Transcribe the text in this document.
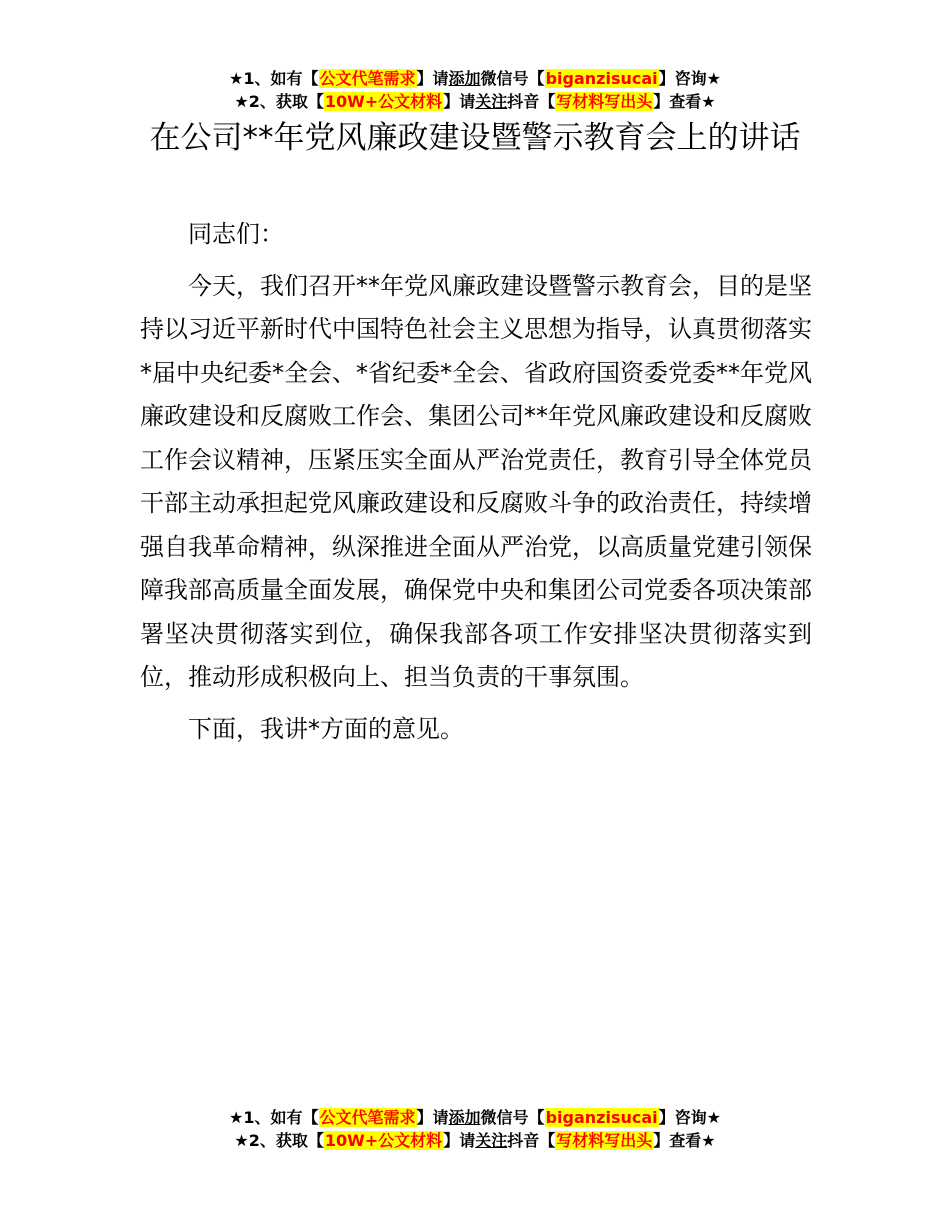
★1、如有【公文代笔需求】请添加微信号【biganzisucai】咨询★
★2、获取【10W+公文材料】请关注抖音【写材料写出头】查看★
在公司**年党风廉政建设暨警示教育会上的讲话

同志们：

今天，我们召开**年党风廉政建设暨警示教育会，目的是坚持以习近平新时代中国特色社会主义思想为指导，认真贯彻落实*届中央纪委*全会、*省纪委*全会、省政府国资委党委**年党风廉政建设和反腐败工作会、集团公司**年党风廉政建设和反腐败工作会议精神，压紧压实全面从严治党责任，教育引导全体党员干部主动承担起党风廉政建设和反腐败斗争的政治责任，持续增强自我革命精神，纵深推进全面从严治党，以高质量党建引领保障我部高质量全面发展，确保党中央和集团公司党委各项决策部署坚决贯彻落实到位，确保我部各项工作安排坚决贯彻落实到位，推动形成积极向上、担当负责的干事氛围。

下面，我讲*方面的意见。

★1、如有【公文代笔需求】请添加微信号【biganzisucai】咨询★
★2、获取【10W+公文材料】请关注抖音【写材料写出头】查看★
